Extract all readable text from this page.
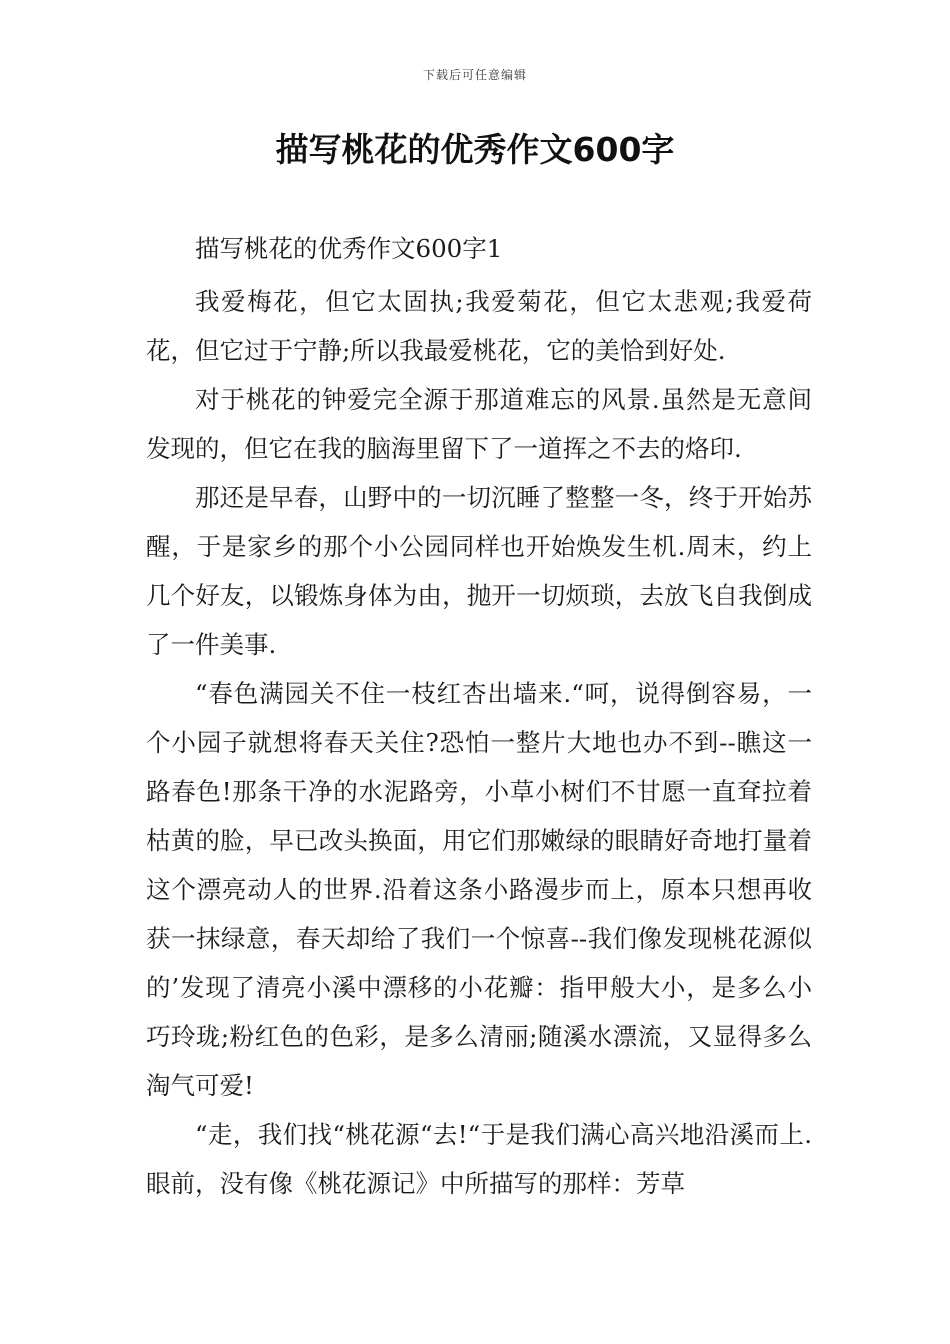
下载后可任意编辑
描写桃花的优秀作文600字

描写桃花的优秀作文600字1

我爱梅花，但它太固执;我爱菊花，但它太悲观;我爱荷花，但它过于宁静;所以我最爱桃花，它的美恰到好处.

对于桃花的钟爱完全源于那道难忘的风景.虽然是无意间发现的，但它在我的脑海里留下了一道挥之不去的烙印.

那还是早春，山野中的一切沉睡了整整一冬，终于开始苏醒，于是家乡的那个小公园同样也开始焕发生机.周末，约上几个好友，以锻炼身体为由，抛开一切烦琐，去放飞自我倒成了一件美事.

“春色满园关不住一枝红杏出墙来.“呵，说得倒容易，一个小园子就想将春天关住?恐怕一整片大地也办不到--瞧这一路春色!那条干净的水泥路旁，小草小树们不甘愿一直耷拉着枯黄的脸，早已改头换面，用它们那嫩绿的眼睛好奇地打量着这个漂亮动人的世界.沿着这条小路漫步而上，原本只想再收获一抹绿意，春天却给了我们一个惊喜--我们像发现桃花源似的’发现了清亮小溪中漂移的小花瓣：指甲般大小，是多么小巧玲珑;粉红色的色彩，是多么清丽;随溪水漂流，又显得多么淘气可爱!

“走，我们找“桃花源“去!“于是我们满心高兴地沿溪而上.眼前，没有像《桃花源记》中所描写的那样：芳草
